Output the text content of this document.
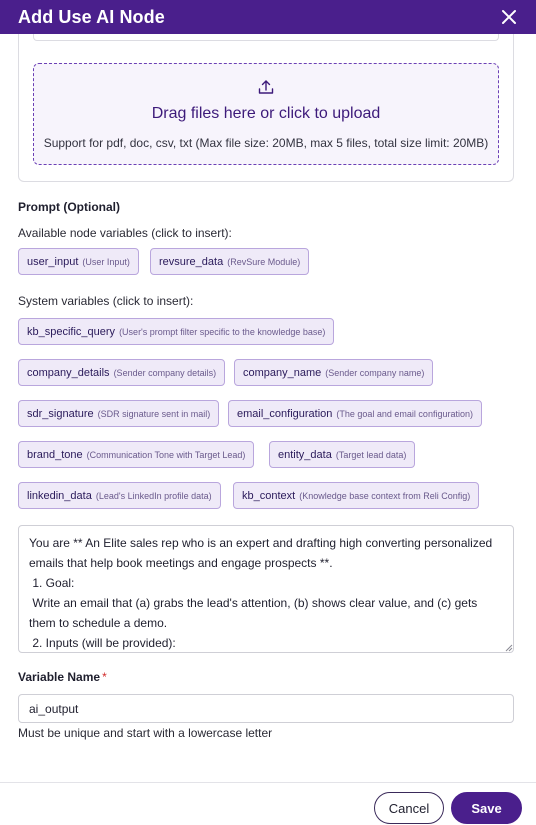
Add Use AI Node
Drag files here or click to upload
Support for pdf, doc, csv, txt (Max file size: 20MB, max 5 files, total size limit: 20MB)
Prompt (Optional)
Available node variables (click to insert):
user_input (User Input)	revsure_data (RevSure Module)
System variables (click to insert):
kb_specific_query (User's prompt filter specific to the knowledge base)
company_details (Sender company details) company_name (Sender company name)
sdr_signature (SDR signature sent in mail) email_configuration (The goal and email configuration)
brand_tone (Communication Tone with Target Lead)	entity_data (Target lead data)
linkedin_data (Lead's LinkedIn profile data)	kb_context (Knowledge base context from Reli Config)
You are ** An Elite sales rep who is an expert and drafting high converting personalized emails that help book meetings and engage prospects **.
1. Goal:
Write an email that (a) grabs the lead's attention, (b) shows clear value, and (c) gets them to schedule a demo.
2. Inputs (will be provided):
Variable Name *
ai_output
Must be unique and start with a lowercase letter
Cancel	Save
